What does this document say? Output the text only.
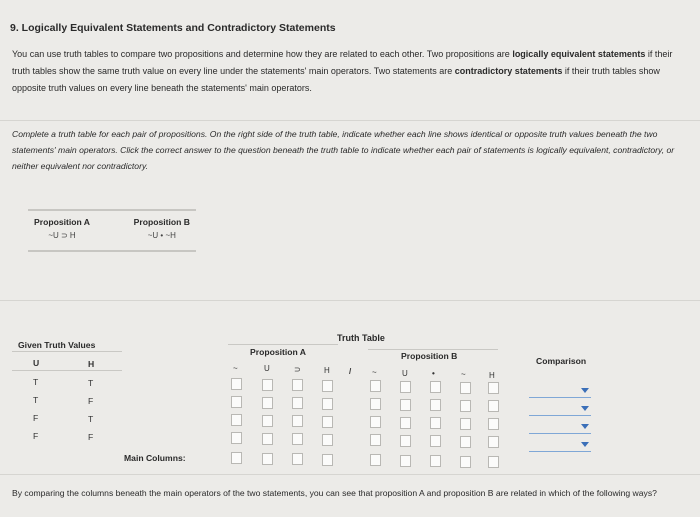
9. Logically Equivalent Statements and Contradictory Statements
You can use truth tables to compare two propositions and determine how they are related to each other. Two propositions are logically equivalent statements if their truth tables show the same truth value on every line under the statements' main operators. Two statements are contradictory statements if their truth tables show opposite truth values on every line beneath the statements' main operators.
Complete a truth table for each pair of propositions. On the right side of the truth table, indicate whether each line shows identical or opposite truth values beneath the two statements' main operators. Click the correct answer to the question beneath the truth table to indicate whether each pair of statements is logically equivalent, contradictory, or neither equivalent nor contradictory.
Proposition A
~U ⊃ H
Proposition B
~U • ~H
Truth Table
Given Truth Values
Proposition A	Proposition B	Comparison
U	H	~	U	⊃	H /	~	U	•	~	H
T	T
T	F
F	T
F	F
Main Columns:
By comparing the columns beneath the main operators of the two statements, you can see that proposition A and proposition B are related in which of the following ways?
